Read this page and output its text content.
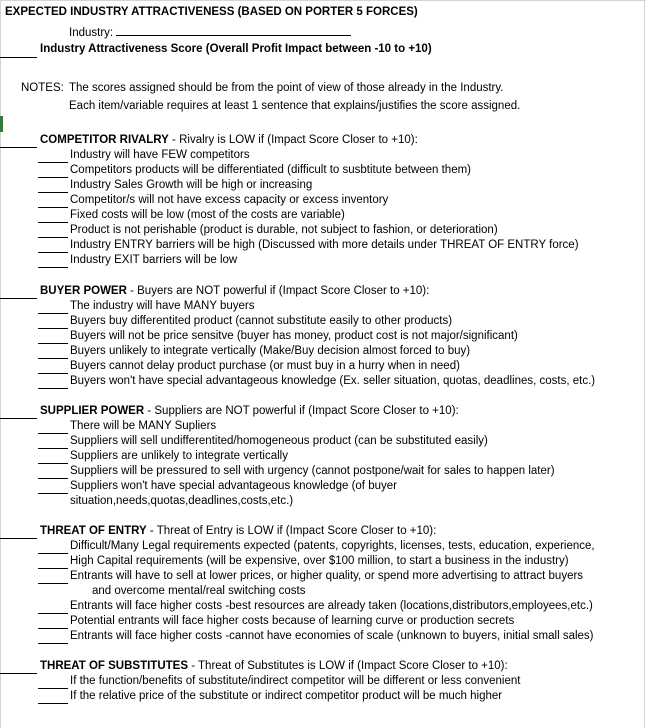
EXPECTED INDUSTRY ATTRACTIVENESS (BASED ON PORTER 5 FORCES)
Industry:
Industry Attractiveness Score (Overall Profit Impact between -10 to +10)
NOTES: The scores assigned should be from the point of view of those already in the Industry.
Each item/variable requires at least 1 sentence that explains/justifies the score assigned.
COMPETITOR RIVALRY - Rivalry is LOW if (Impact Score Closer to +10):
Industry will have FEW competitors
Competitors products will be differentiated (difficult to susbtitute between them)
Industry Sales Growth will be high or increasing
Competitor/s will not have excess capacity or excess inventory
Fixed costs will be low (most of the costs are variable)
Product is not perishable (product is durable, not subject to fashion, or deterioration)
Industry ENTRY barriers will be high (Discussed with more details under THREAT OF ENTRY force)
Industry EXIT barriers will be low
BUYER POWER - Buyers are NOT powerful if (Impact Score Closer to +10):
The industry will have MANY buyers
Buyers buy differentited product (cannot substitute easily to other products)
Buyers will not be price sensitve (buyer has money, product cost is not major/significant)
Buyers unlikely to integrate vertically (Make/Buy decision almost forced to buy)
Buyers cannot delay product purchase (or must buy in a hurry when in need)
Buyers won't have special advantageous knowledge (Ex. seller situation, quotas, deadlines, costs, etc.)
SUPPLIER POWER - Suppliers are NOT powerful if (Impact Score Closer to +10):
There will be MANY Supliers
Suppliers will sell undifferentited/homogeneous product (can be substituted easily)
Suppliers are unlikely to integrate vertically
Suppliers will be pressured to sell with urgency (cannot postpone/wait for sales to happen later)
Suppliers won't have special advantageous knowledge (of buyer
situation,needs,quotas,deadlines,costs,etc.)
THREAT OF ENTRY - Threat of Entry is LOW if (Impact Score Closer to +10):
Difficult/Many Legal requirements expected (patents, copyrights, licenses, tests, education, experience,
High Capital requirements (will be expensive, over $100 million, to start a business in the industry)
Entrants will have to sell at lower prices, or higher quality, or spend more advertising to attract buyers
and overcome mental/real switching costs
Entrants will face higher costs -best resources are already taken (locations,distributors,employees,etc.)
Potential entrants will face higher costs because of learning curve or production secrets
Entrants will face higher costs -cannot have economies of scale (unknown to buyers, initial small sales)
THREAT OF SUBSTITUTES - Threat of Substitutes is LOW if (Impact Score Closer to +10):
If the function/benefits of substitute/indirect competitor will be different or less convenient
If the relative price of the substitute or indirect competitor product will be much higher
